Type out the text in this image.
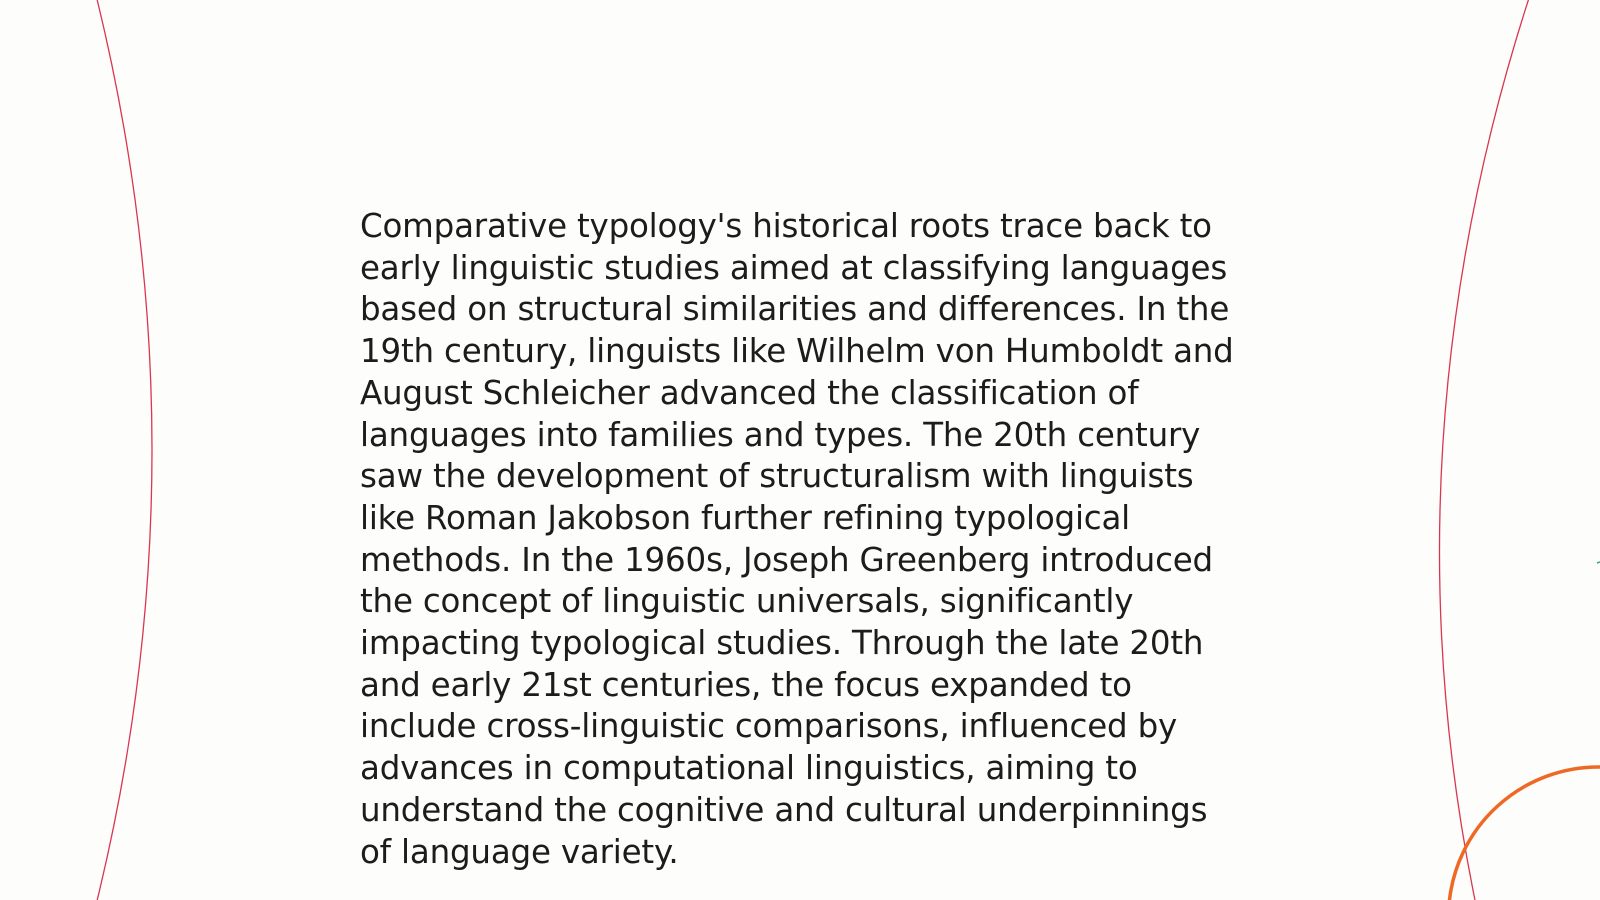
Comparative typology's historical roots trace back to
early linguistic studies aimed at classifying languages
based on structural similarities and differences. In the
19th century, linguists like Wilhelm von Humboldt and
August Schleicher advanced the classification of
languages into families and types. The 20th century
saw the development of structuralism with linguists
like Roman Jakobson further refining typological
methods. In the 1960s, Joseph Greenberg introduced
the concept of linguistic universals, significantly
impacting typological studies. Through the late 20th
and early 21st centuries, the focus expanded to
include cross-linguistic comparisons, influenced by
advances in computational linguistics, aiming to
understand the cognitive and cultural underpinnings
of language variety.
